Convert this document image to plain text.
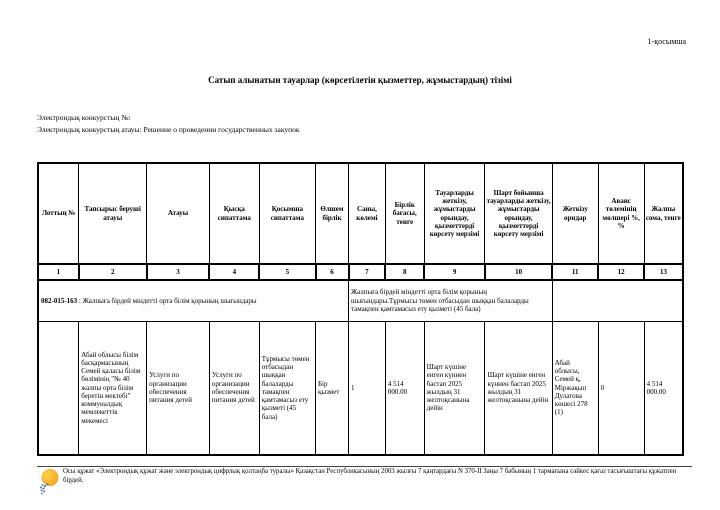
1-қосымша
Сатып алынатын тауарлар (көрсетілетін қызметтер, жұмыстардың) тізімі
Электрондық конкурстың №:
Электрондық конкурстың атауы: Решение о проведении государственных закупок
Лоттың №	Тапсырыс беруші атауы	Атауы	Қысқа сипаттама	Қосымша сипаттама	Өлшем бірлік	Саны, көлемі	Бірлік бағасы, тенге	Тауарларды жеткізу, жұмыстарды орындау, қызметтерді көрсету мерзімі	Шарт бойынша тауарларды жеткізу, жұмыстарды орындау, қызметтерді көрсету мерзімі	Жеткізу орндар	Аванс төлемінің мөлшері %, %	Жалпы сома, тенге
1	2	3	4	5	6	7	8	9	10	11	12	13
082-015-163 : Жалпыға бірдей міндетті орта білім қорының шығындары						Жалпыға бірдей міндетті орта білім қорының шығындары.Тұрмысы төмен отбасыдан шыққан балаларды тамақпен қамтамасыз ету қызметі (45 бала)						
	Абай облысы білім басқармасының Семей қаласы білім бөлімінің "№ 40 жалпы орта білім беретін мектебі" коммуналдық мемлекеттік мекемесі	Услуги по организации обеспечения питания детей	Услуги по организации обеспечения питания детей	Тұрмысы төмен отбасыдан шыққан балаларды тамақпен қамтамасыз ету қызметі (45 бала)	Бір қызмет	1	4 514 000.00	Шарт күшіне енген күннен бастап 2025 жылдың 31 желтоқсанына дейін	Шарт күшіне енген күннен бастап 2025 жылдың 31 желтоқсанына дейін	Абай облысы, Семей қ, Міржақып Дулатова көшесі 278 (1)	0	4 514 000.00
Осы құжат «Электрондық құжат және электрондық цифрлық қолтаңба туралы» Қазақстан Республикасының 2003 жылғы 7 қаңтардағы N 370-II Заңы 7 бабының 1 тармағына сәйкес қағаз тасығыштағы құжатпен бірдей.
